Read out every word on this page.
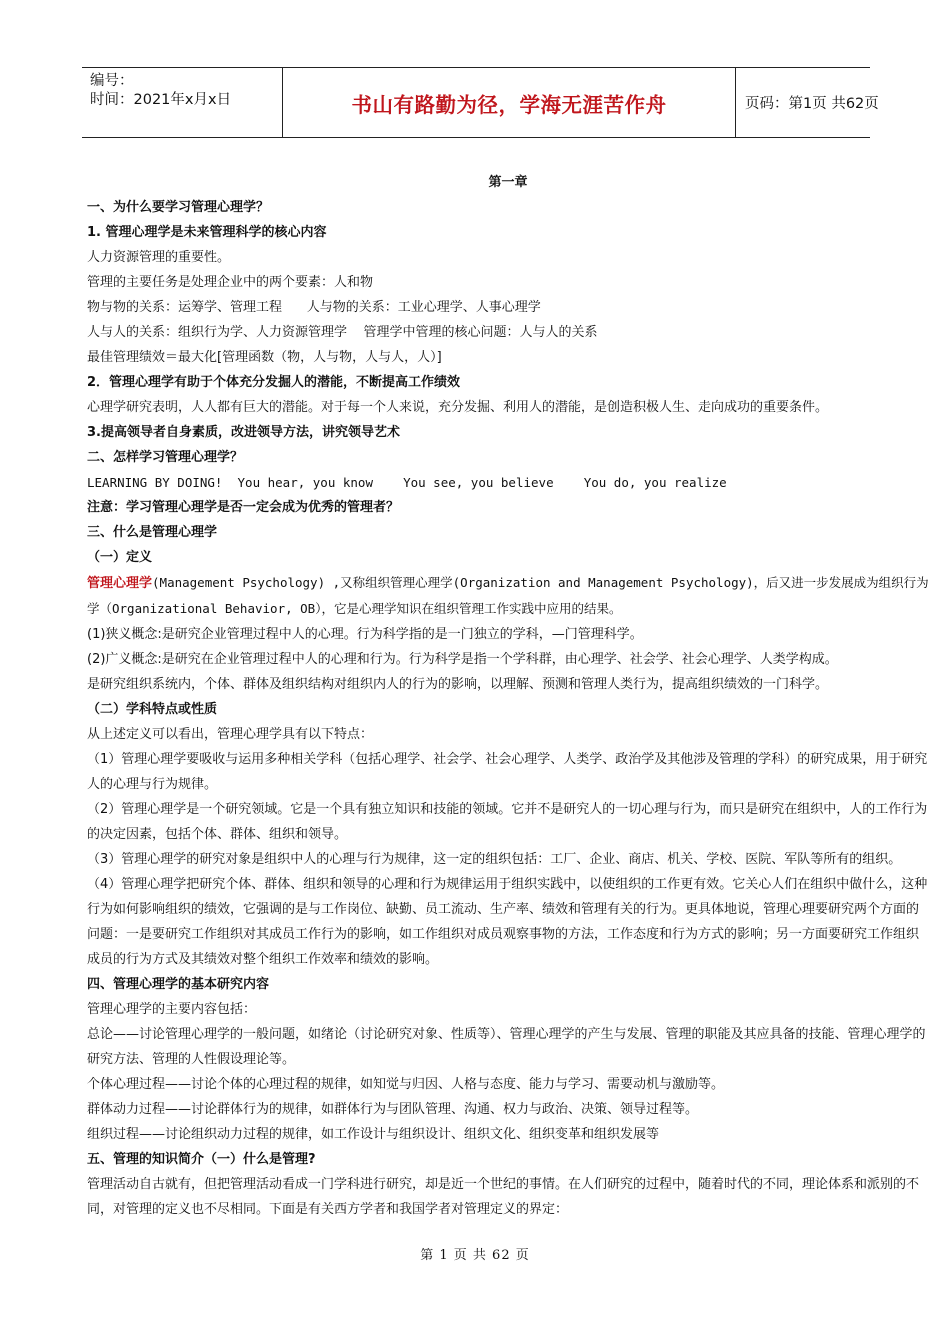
编号：
时间：2021年x月x日	书山有路勤为径，学海无涯苦作舟	页码：第1页 共62页
第一章

一、为什么要学习管理心理学？

1. 管理心理学是未来管理科学的核心内容

人力资源管理的重要性。

管理的主要任务是处理企业中的两个要素：人和物

物与物的关系：运筹学、管理工程      人与物的关系：工业心理学、人事心理学

人与人的关系：组织行为学、人力资源管理学    管理学中管理的核心问题：人与人的关系

最佳管理绩效＝最大化[管理函数（物，人与物，人与人，人）]

2．管理心理学有助于个体充分发掘人的潜能，不断提高工作绩效

心理学研究表明，人人都有巨大的潜能。对于每一个人来说，充分发掘、利用人的潜能，是创造积极人生、走向成功的重要条件。

3.提高领导者自身素质，改进领导方法，讲究领导艺术

二、怎样学习管理心理学？

LEARNING BY DOING!  You hear, you know    You see, you believe    You do, you realize

注意：学习管理心理学是否一定会成为优秀的管理者？

三、什么是管理心理学

（一）定义

管理心理学(Management Psychology) ,又称组织管理心理学(Organization and Management Psychology)，后又进一步发展成为组织行为学（Organizational Behavior, OB），它是心理学知识在组织管理工作实践中应用的结果。

(1)狭义概念:是研究企业管理过程中人的心理。行为科学指的是一门独立的学科，—门管理科学。

(2)广义概念:是研究在企业管理过程中人的心理和行为。行为科学是指一个学科群，由心理学、社会学、社会心理学、人类学构成。

是研究组织系统内，个体、群体及组织结构对组织内人的行为的影响，以理解、预测和管理人类行为，提高组织绩效的一门科学。

（二）学科特点或性质

从上述定义可以看出，管理心理学具有以下特点：

（1）管理心理学要吸收与运用多种相关学科（包括心理学、社会学、社会心理学、人类学、政治学及其他涉及管理的学科）的研究成果，用于研究人的心理与行为规律。

（2）管理心理学是一个研究领域。它是一个具有独立知识和技能的领域。它并不是研究人的一切心理与行为，而只是研究在组织中，人的工作行为的决定因素，包括个体、群体、组织和领导。

（3）管理心理学的研究对象是组织中人的心理与行为规律，这一定的组织包括：工厂、企业、商店、机关、学校、医院、军队等所有的组织。

（4）管理心理学把研究个体、群体、组织和领导的心理和行为规律运用于组织实践中，以使组织的工作更有效。它关心人们在组织中做什么，这种行为如何影响组织的绩效，它强调的是与工作岗位、缺勤、员工流动、生产率、绩效和管理有关的行为。更具体地说，管理心理要研究两个方面的问题：一是要研究工作组织对其成员工作行为的影响，如工作组织对成员观察事物的方法，工作态度和行为方式的影响；另一方面要研究工作组织成员的行为方式及其绩效对整个组织工作效率和绩效的影响。

四、管理心理学的基本研究内容

管理心理学的主要内容包括：

总论——讨论管理心理学的一般问题，如绪论（讨论研究对象、性质等）、管理心理学的产生与发展、管理的职能及其应具备的技能、管理心理学的研究方法、管理的人性假设理论等。

个体心理过程——讨论个体的心理过程的规律，如知觉与归因、人格与态度、能力与学习、需要动机与激励等。

群体动力过程——讨论群体行为的规律，如群体行为与团队管理、沟通、权力与政治、决策、领导过程等。

组织过程——讨论组织动力过程的规律，如工作设计与组织设计、组织文化、组织变革和组织发展等

五、管理的知识简介（一）什么是管理?

管理活动自古就有，但把管理活动看成一门学科进行研究，却是近一个世纪的事情。在人们研究的过程中，随着时代的不同，理论体系和派别的不同，对管理的定义也不尽相同。下面是有关西方学者和我国学者对管理定义的界定：

第 1 页 共 62 页
